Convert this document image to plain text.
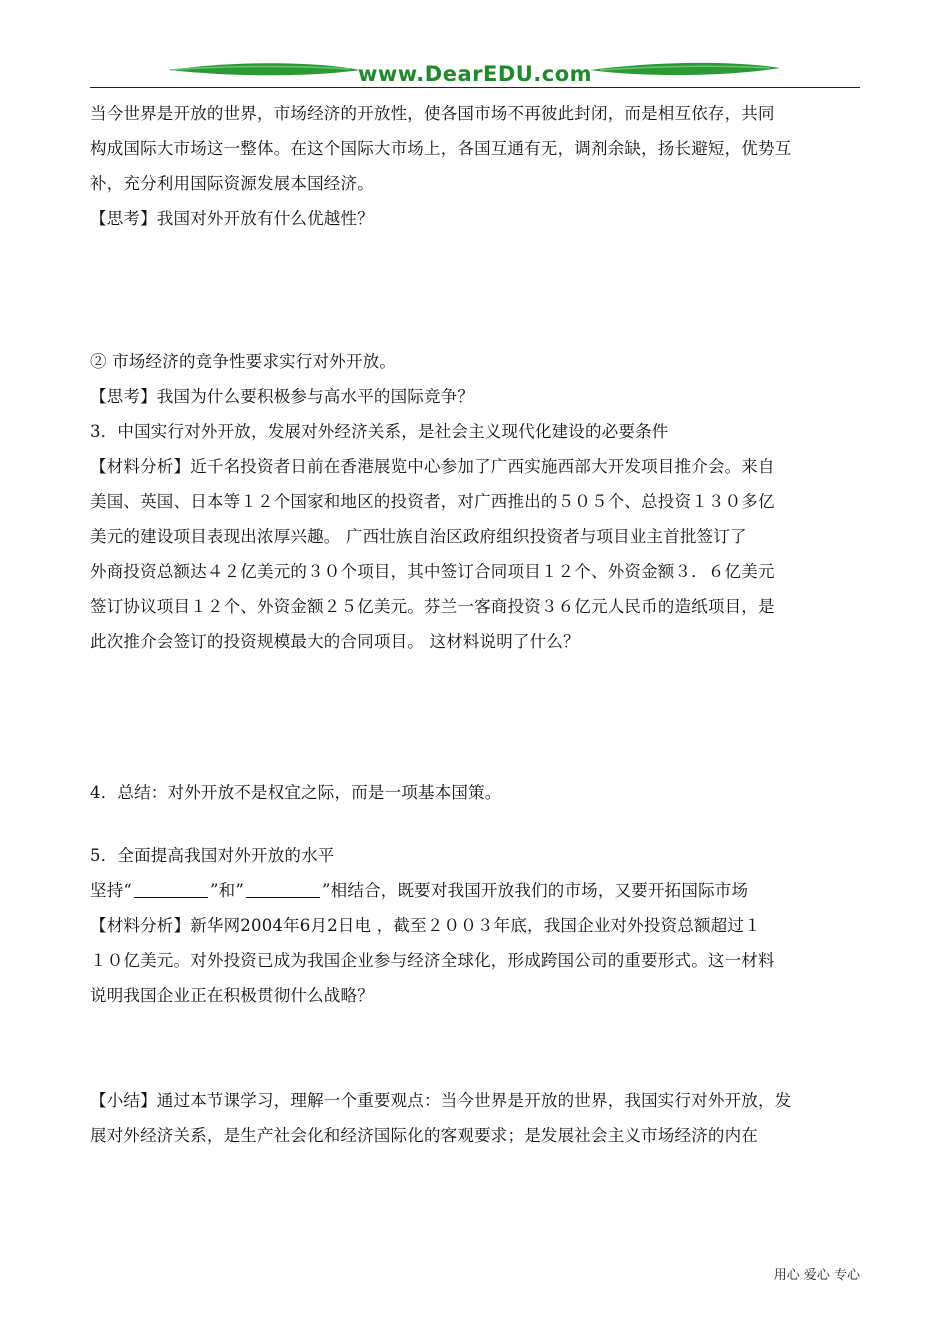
www.DearEDU.com

当今世界是开放的世界，市场经济的开放性，使各国市场不再彼此封闭，而是相互依存，共同

构成国际大市场这一整体。在这个国际大市场上，各国互通有无，调剂余缺，扬长避短，优势互

补，充分利用国际资源发展本国经济。

【思考】我国对外开放有什么优越性？

② 市场经济的竞争性要求实行对外开放。

【思考】我国为什么要积极参与高水平的国际竞争？

3．中国实行对外开放，发展对外经济关系，是社会主义现代化建设的必要条件

【材料分析】近千名投资者日前在香港展览中心参加了广西实施西部大开发项目推介会。来自

美国、英国、日本等１２个国家和地区的投资者，对广西推出的５０５个、总投资１３０多亿

美元的建设项目表现出浓厚兴趣。 广西壮族自治区政府组织投资者与项目业主首批签订了

外商投资总额达４２亿美元的３０个项目，其中签订合同项目１２个、外资金额３．６亿美元

签订协议项目１２个、外资金额２５亿美元。芬兰一客商投资３６亿元人民币的造纸项目，是

此次推介会签订的投资规模最大的合同项目。 这材料说明了什么？

4．总结：对外开放不是权宜之际，而是一项基本国策。

5．全面提高我国对外开放的水平

坚持“	”和”	”相结合，既要对我国开放我们的市场，又要开拓国际市场

【材料分析】新华网2004年6月2日电 ，截至２００３年底，我国企业对外投资总额超过１

１０亿美元。对外投资已成为我国企业参与经济全球化，形成跨国公司的重要形式。这一材料

说明我国企业正在积极贯彻什么战略？

【小结】通过本节课学习，理解一个重要观点：当今世界是开放的世界，我国实行对外开放，发

展对外经济关系，是生产社会化和经济国际化的客观要求；是发展社会主义市场经济的内在

用心 爱心 专心
